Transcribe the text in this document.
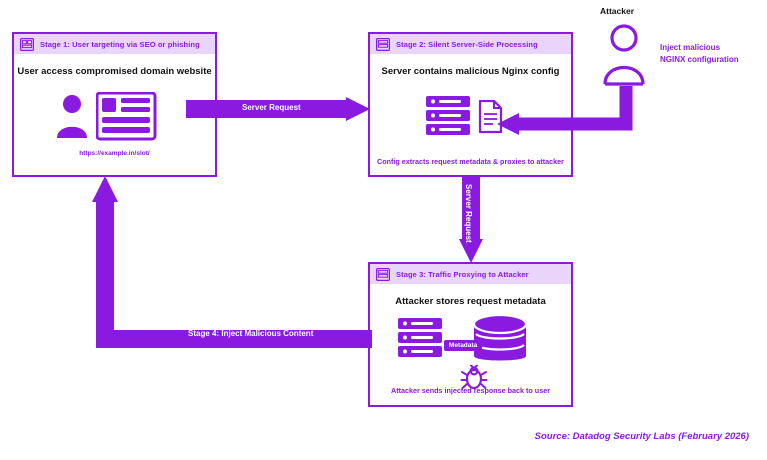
Stage 1: User targeting via SEO or phishing
User access compromised domain website
https://example.in/slot/
Stage 2: Silent Server-Side Processing
Server contains malicious Nginx config
Config extracts request metadata & proxies to attacker
Stage 3: Traffic Proxying to Attacker
Attacker stores request metadata
Metadata
Attacker sends injected response back to user
Attacker
Inject malicious
NGINX configuration
Server Request
Server Request
Stage 4: Inject Malicious Content
Source: Datadog Security Labs (February 2026)
